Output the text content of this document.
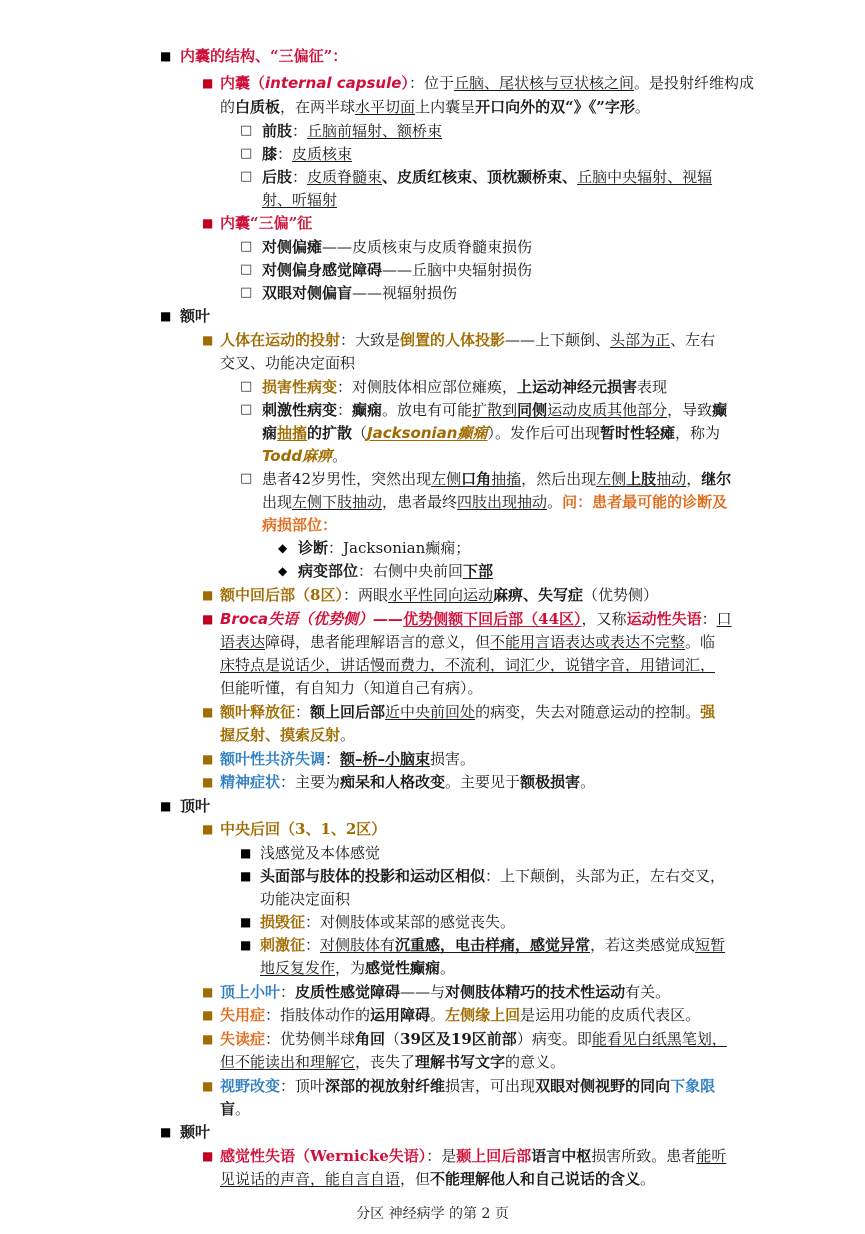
■ 内囊的结构、“三偏征”：
■ 内囊（internal capsule）：位于丘脑、尾状核与豆状核之间。是投射纤维构成
的白质板，在两半球水平切面上内囊呈开口向外的双“》《”字形。
□ 前肢：丘脑前辐射、额桥束
□ 膝：皮质核束
□ 后肢：皮质脊髓束、皮质红核束、顶枕颞桥束、丘脑中央辐射、视辐
射、听辐射
■ 内囊“三偏”征
□ 对侧偏瘫——皮质核束与皮质脊髓束损伤
□ 对侧偏身感觉障碍——丘脑中央辐射损伤
□ 双眼对侧偏盲——视辐射损伤
■ 额叶
■ 人体在运动的投射：大致是倒置的人体投影——上下颠倒、头部为正、左右
交叉、功能决定面积
□ 损害性病变：对侧肢体相应部位瘫痪，上运动神经元损害表现
□ 刺激性病变：癫痫。放电有可能扩散到同侧运动皮质其他部分，导致癫
痫抽搐的扩散（Jacksonian癫痫）。发作后可出现暂时性轻瘫，称为
Todd麻痹。
□ 患者42岁男性，突然出现左侧口角抽搐，然后出现左侧上肢抽动，继尔
出现左侧下肢抽动，患者最终四肢出现抽动。问：患者最可能的诊断及
病损部位：
◆ 诊断：Jacksonian癫痫；
◆ 病变部位：右侧中央前回下部
■ 额中回后部（8区）：两眼水平性同向运动麻痹、失写症（优势侧）
■ Broca失语（优势侧）——优势侧额下回后部（44区），又称运动性失语：口
语表达障碍，患者能理解语言的意义，但不能用言语表达或表达不完整。临
床特点是说话少，讲话慢而费力，不流利，词汇少，说错字音，用错词汇，
但能听懂，有自知力（知道自己有病）。
■ 额叶释放征：额上回后部近中央前回处的病变，失去对随意运动的控制。强
握反射、摸索反射。
■ 额叶性共济失调：额–桥–小脑束损害。
■ 精神症状：主要为痴呆和人格改变。主要见于额极损害。
■ 顶叶
■ 中央后回（3、1、2区）
■ 浅感觉及本体感觉
■ 头面部与肢体的投影和运动区相似：上下颠倒，头部为正，左右交叉，
功能决定面积
■ 损毁征：对侧肢体或某部的感觉丧失。
■ 刺激征：对侧肢体有沉重感，电击样痛，感觉异常，若这类感觉成短暂
地反复发作，为感觉性癫痫。
■ 顶上小叶：皮质性感觉障碍——与对侧肢体精巧的技术性运动有关。
■ 失用症：指肢体动作的运用障碍。左侧缘上回是运用功能的皮质代表区。
■ 失读症：优势侧半球角回（39区及19区前部）病变。即能看见白纸黑笔划，
但不能读出和理解它，丧失了理解书写文字的意义。
■ 视野改变：顶叶深部的视放射纤维损害，可出现双眼对侧视野的同向下象限
盲。
■ 颞叶
■ 感觉性失语（Wernicke失语）：是颞上回后部语言中枢损害所致。患者能听
见说话的声音，能自言自语，但不能理解他人和自己说话的含义。
分区 神经病学 的第 2 页
